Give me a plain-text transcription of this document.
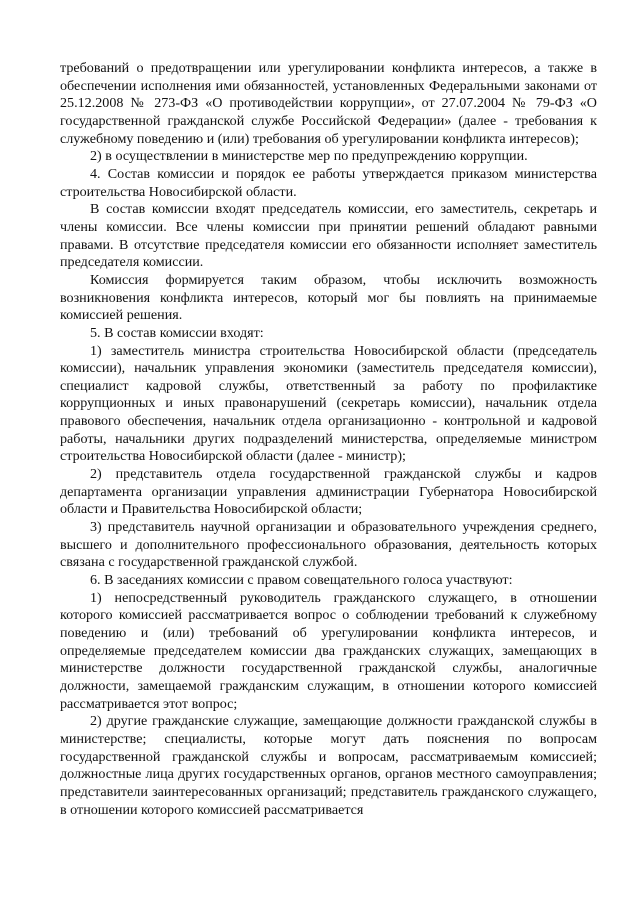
требований о предотвращении или урегулировании конфликта интересов, а также в обеспечении исполнения ими обязанностей, установленных Федеральными законами от 25.12.2008 № 273-ФЗ «О противодействии коррупции», от 27.07.2004 № 79-ФЗ «О государственной гражданской службе Российской Федерации» (далее - требования к служебному поведению и (или) требования об урегулировании конфликта интересов);

2) в осуществлении в министерстве мер по предупреждению коррупции.

4. Состав комиссии и порядок ее работы утверждается приказом министерства строительства Новосибирской области.

В состав комиссии входят председатель комиссии, его заместитель, секретарь и члены комиссии. Все члены комиссии при принятии решений обладают равными правами. В отсутствие председателя комиссии его обязанности исполняет заместитель председателя комиссии.

Комиссия формируется таким образом, чтобы исключить возможность возникновения конфликта интересов, который мог бы повлиять на принимаемые комиссией решения.

5. В состав комиссии входят:

1) заместитель министра строительства Новосибирской области (председатель комиссии), начальник управления экономики (заместитель председателя комиссии), специалист кадровой службы, ответственный за работу по профилактике коррупционных и иных правонарушений (секретарь комиссии), начальник отдела правового обеспечения, начальник отдела организационно - контрольной и кадровой работы, начальники других подразделений министерства, определяемые министром строительства Новосибирской области (далее - министр);

2) представитель отдела государственной гражданской службы и кадров департамента организации управления администрации Губернатора Новосибирской области и Правительства Новосибирской области;

3) представитель научной организации и образовательного учреждения среднего, высшего и дополнительного профессионального образования, деятельность которых связана с государственной гражданской службой.

6. В заседаниях комиссии с правом совещательного голоса участвуют:

1) непосредственный руководитель гражданского служащего, в отношении которого комиссией рассматривается вопрос о соблюдении требований к служебному поведению и (или) требований об урегулировании конфликта интересов, и определяемые председателем комиссии два гражданских служащих, замещающих в министерстве должности государственной гражданской службы, аналогичные должности, замещаемой гражданским служащим, в отношении которого комиссией рассматривается этот вопрос;

2) другие гражданские служащие, замещающие должности гражданской службы в министерстве; специалисты, которые могут дать пояснения по вопросам государственной гражданской службы и вопросам, рассматриваемым комиссией; должностные лица других государственных органов, органов местного самоуправления; представители заинтересованных организаций; представитель гражданского служащего, в отношении которого комиссией рассматривается
